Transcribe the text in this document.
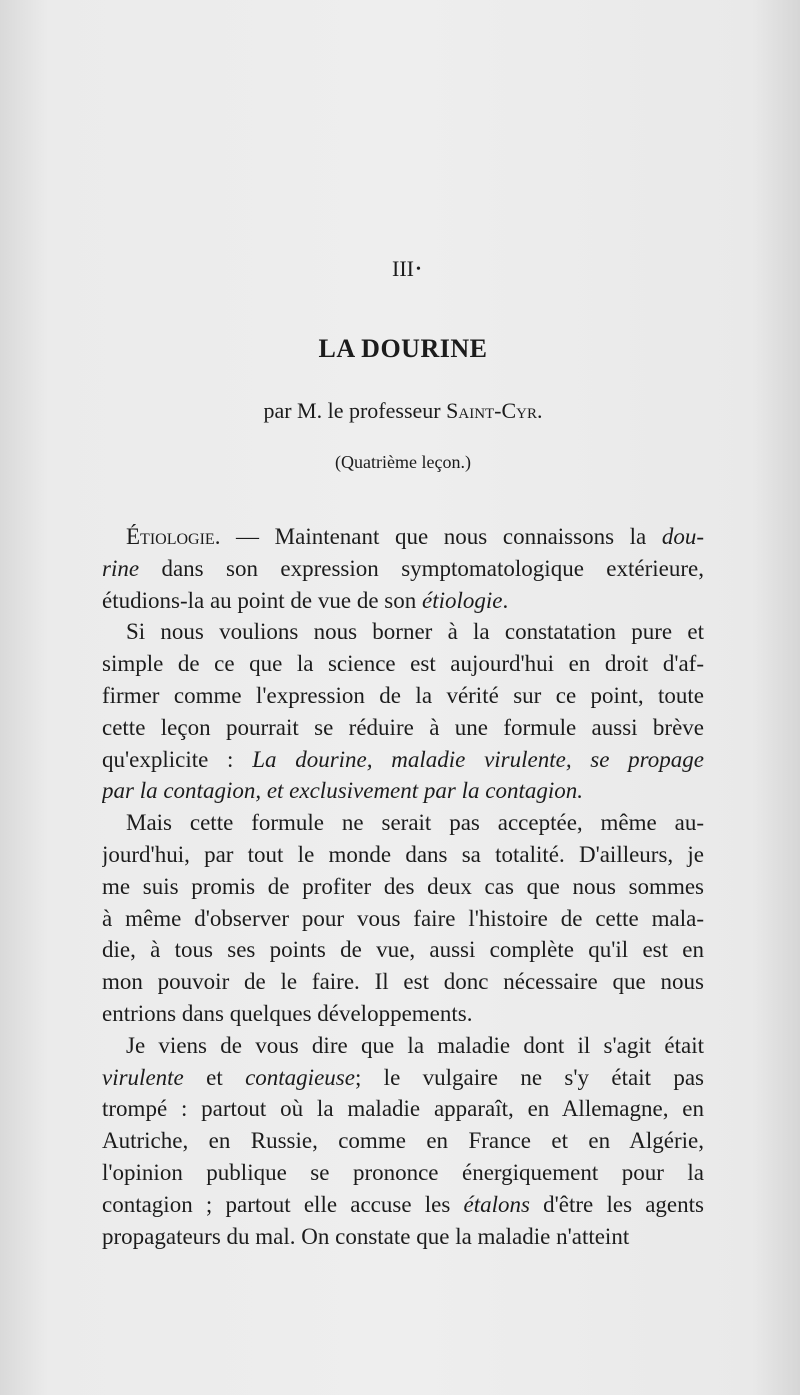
•
III
LA DOURINE
par M. le professeur Saint-Cyr.
(Quatrième leçon.)
Étiologie. — Maintenant que nous connaissons la dou-
rine dans son expression symptomatologique extérieure,
étudions-la au point de vue de son étiologie.
Si nous voulions nous borner à la constatation pure et
simple de ce que la science est aujourd'hui en droit d'af-
firmer comme l'expression de la vérité sur ce point, toute
cette leçon pourrait se réduire à une formule aussi brève
qu'explicite : La dourine, maladie virulente, se propage
par la contagion, et exclusivement par la contagion.
Mais cette formule ne serait pas acceptée, même au-
jourd'hui, par tout le monde dans sa totalité. D'ailleurs, je
me suis promis de profiter des deux cas que nous sommes
à même d'observer pour vous faire l'histoire de cette mala-
die, à tous ses points de vue, aussi complète qu'il est en
mon pouvoir de le faire. Il est donc nécessaire que nous
entrions dans quelques développements.
Je viens de vous dire que la maladie dont il s'agit était
virulente et contagieuse; le vulgaire ne s'y était pas
trompé : partout où la maladie apparaît, en Allemagne, en
Autriche, en Russie, comme en France et en Algérie,
l'opinion publique se prononce énergiquement pour la
contagion ; partout elle accuse les étalons d'être les agents
propagateurs du mal. On constate que la maladie n'atteint
